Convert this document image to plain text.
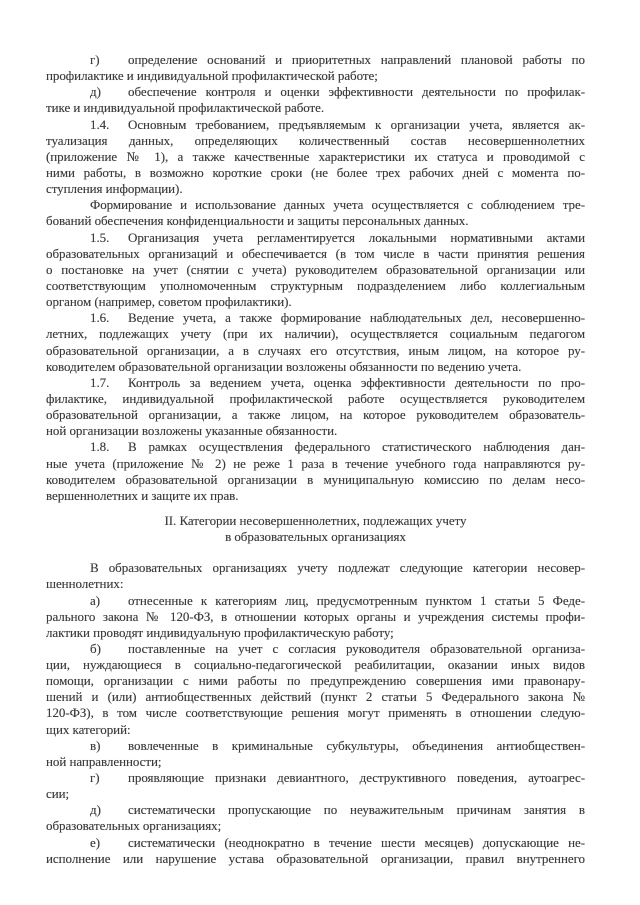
г) определение оснований и приоритетных направлений плановой работы по
профилактике и индивидуальной профилактической работе;
д) обеспечение контроля и оценки эффективности деятельности по профилак-
тике и индивидуальной профилактической работе.
1.4. Основным требованием, предъявляемым к организации учета, является ак-
туализация данных, определяющих количественный состав несовершеннолетних
(приложение № 1), а также качественные характеристики их статуса и проводимой с
ними работы, в возможно короткие сроки (не более трех рабочих дней с момента по-
ступления информации).
Формирование и использование данных учета осуществляется с соблюдением тре-
бований обеспечения конфиденциальности и защиты персональных данных.
1.5. Организация учета регламентируется локальными нормативными актами
образовательных организаций и обеспечивается (в том числе в части принятия решения
о постановке на учет (снятии с учета) руководителем образовательной организации или
соответствующим уполномоченным структурным подразделением либо коллегиальным
органом (например, советом профилактики).
1.6. Ведение учета, а также формирование наблюдательных дел, несовершенно-
летних, подлежащих учету (при их наличии), осуществляется социальным педагогом
образовательной организации, а в случаях его отсутствия, иным лицом, на которое ру-
ководителем образовательной организации возложены обязанности по ведению учета.
1.7. Контроль за ведением учета, оценка эффективности деятельности по про-
филактике, индивидуальной профилактической работе осуществляется руководителем
образовательной организации, а также лицом, на которое руководителем образователь-
ной организации возложены указанные обязанности.
1.8. В рамках осуществления федерального статистического наблюдения дан-
ные учета (приложение № 2) не реже 1 раза в течение учебного года направляются ру-
ководителем образовательной организации в муниципальную комиссию по делам несо-
вершеннолетних и защите их прав.
II. Категории несовершеннолетних, подлежащих учету
в образовательных организациях
В образовательных организациях учету подлежат следующие категории несовер-
шеннолетних:
а) отнесенные к категориям лиц, предусмотренным пунктом 1 статьи 5 Феде-
рального закона № 120-ФЗ, в отношении которых органы и учреждения системы профи-
лактики проводят индивидуальную профилактическую работу;
б) поставленные на учет с согласия руководителя образовательной организа-
ции, нуждающиеся в социально-педагогической реабилитации, оказании иных видов
помощи, организации с ними работы по предупреждению совершения ими правонару-
шений и (или) антиобщественных действий (пункт 2 статьи 5 Федерального закона №
120-ФЗ), в том числе соответствующие решения могут применять в отношении следую-
щих категорий:
в) вовлеченные в криминальные субкультуры, объединения антиобществен-
ной направленности;
г) проявляющие признаки девиантного, деструктивного поведения, аутоагрес-
сии;
д) систематически пропускающие по неуважительным причинам занятия в
образовательных организациях;
е) систематически (неоднократно в течение шести месяцев) допускающие не-
исполнение или нарушение устава образовательной организации, правил внутреннего
